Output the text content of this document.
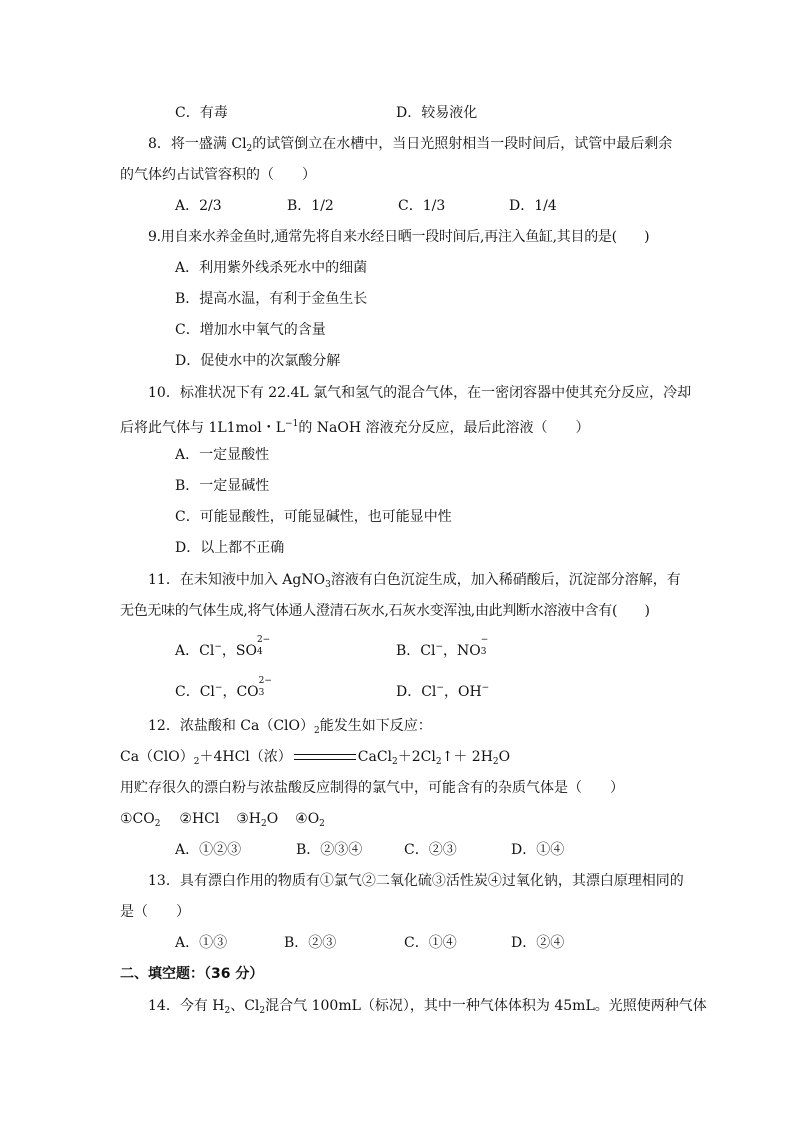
C．有毒	D．较易液化
8．将一盛满 $Cl_2$的试管倒立在水槽中，当日光照射相当一段时间后，试管中最后剩余
的气体约占试管容积的（　　）
A．2/3	B．1/2	C．1/3	D．1/4
9.用自来水养金鱼时,通常先将自来水经日晒一段时间后,再注入鱼缸,其目的是(　　)
A．利用紫外线杀死水中的细菌
B．提高水温，有利于金鱼生长
C．增加水中氧气的含量
D．促使水中的次氯酸分解
10．标准状况下有 22.4L 氯气和氢气的混合气体，在一密闭容器中使其充分反应，冷却
后将此气体与 1L1mol・$L^{-1}$的 NaOH 溶液充分反应，最后此溶液（　　）
A．一定显酸性
B．一定显碱性
C．可能显酸性，可能显碱性，也可能显中性
D．以上都不正确
11．在未知液中加入 AgNO$_3$溶液有白色沉淀生成，加入稀硝酸后，沉淀部分溶解，有
无色无味的气体生成,将气体通人澄清石灰水,石灰水变浑浊,由此判断水溶液中含有(　　)
A．Cl−，SO
2−
4	B．Cl−，NO
−
3
C．Cl−，CO
2−
3	D．Cl−，OH−
12．浓盐酸和 $Ca(ClO)_2$能发生如下反应：
$Ca(ClO)_2+4HCl$（浓）	$CaCl_2+2Cl_2↑+ 2H_2O$
用贮存很久的漂白粉与浓盐酸反应制得的氯气中，可能含有的杂质气体是（　　）
$①CO_2$ ②HCl $③H_2O$ $④O_2$
A．①②③	B．②③④	C．②③	D．①④
13．具有漂白作用的物质有①氯气②二氧化硫③活性炭④过氧化钠，其漂白原理相同的
是（　　）
A．①③	B．②③	C．①④	D．②④
二、填空题：（36 分）
14．今有 $H_2$、$Cl_2$混合气 100mL（标况），其中一种气体体积为 45mL。光照使两种气体
